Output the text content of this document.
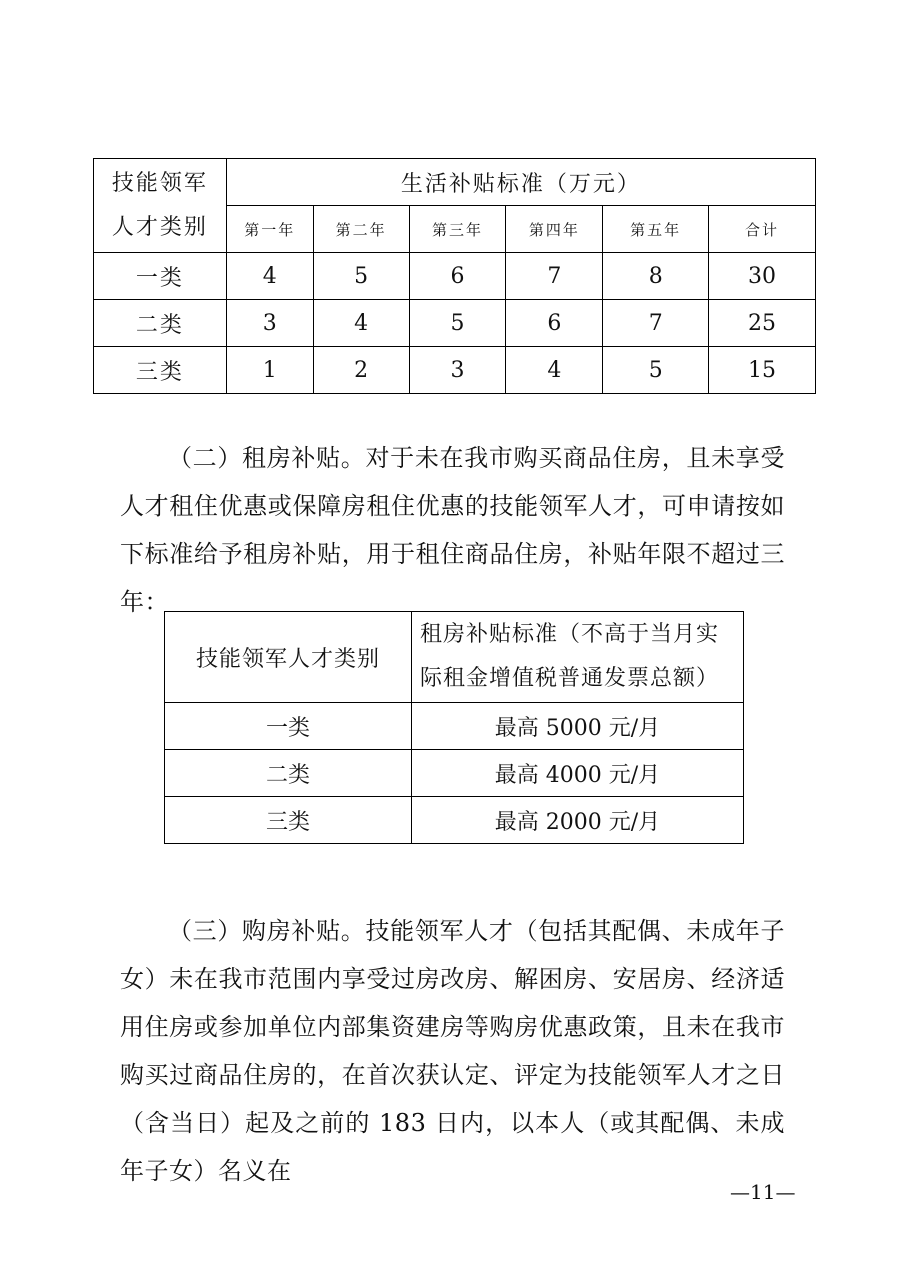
技能领军
人才类别	生活补贴标准（万元）					
	第一年	第二年	第三年	第四年	第五年	合计
一类	4	5	6	7	8	30
二类	3	4	5	6	7	25
三类	1	2	3	4	5	15

（二）租房补贴。对于未在我市购买商品住房，且未享受人才租住优惠或保障房租住优惠的技能领军人才，可申请按如下标准给予租房补贴，用于租住商品住房，补贴年限不超过三年：

技能领军人才类别	租房补贴标准（不高于当月实际租金增值税普通发票总额）
一类	最高 5000 元/月
二类	最高 4000 元/月
三类	最高 2000 元/月

（三）购房补贴。技能领军人才（包括其配偶、未成年子女）未在我市范围内享受过房改房、解困房、安居房、经济适用住房或参加单位内部集资建房等购房优惠政策，且未在我市购买过商品住房的，在首次获认定、评定为技能领军人才之日（含当日）起及之前的 183 日内，以本人（或其配偶、未成年子女）名义在

—11—
